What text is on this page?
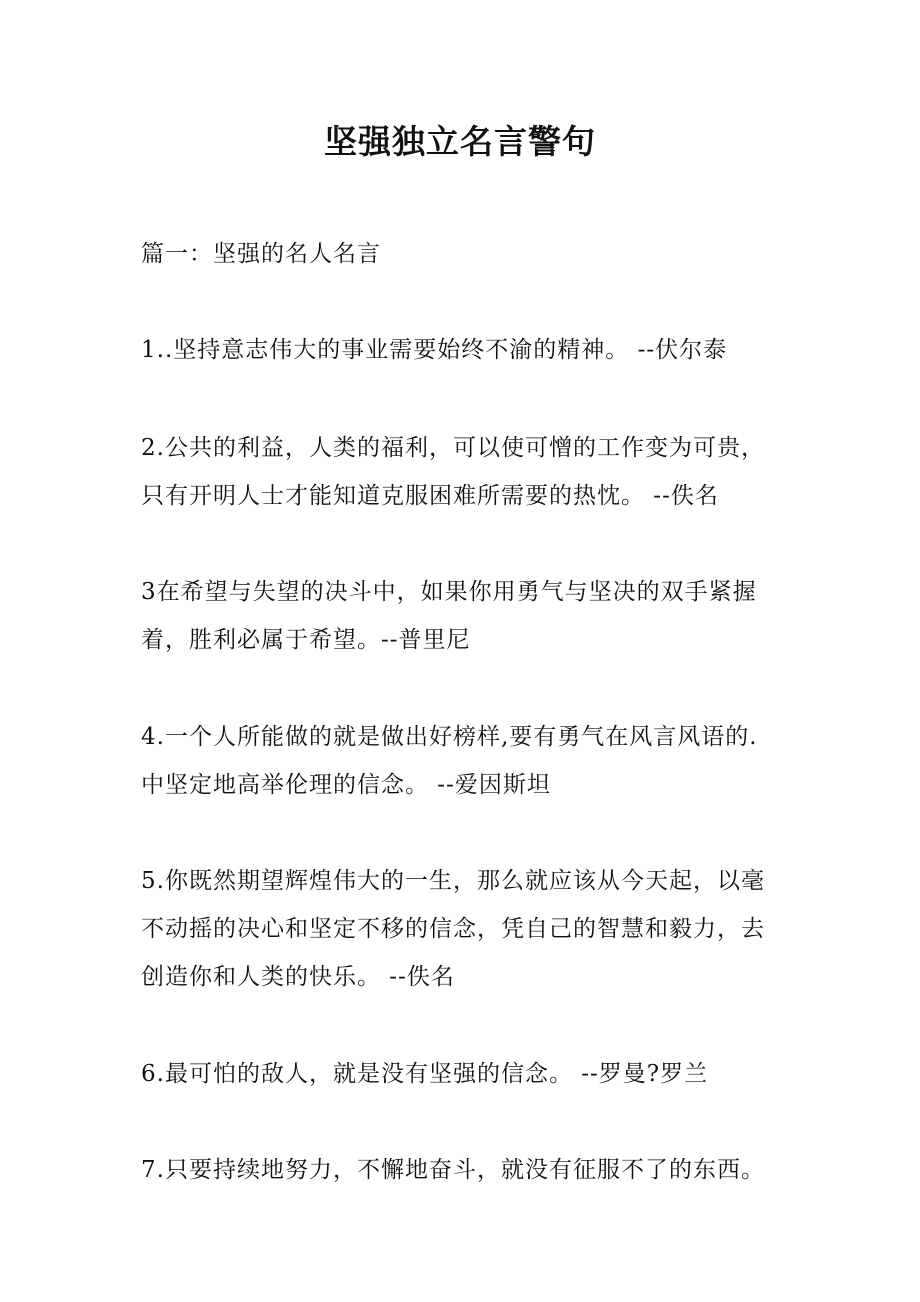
坚强独立名言警句

篇一：坚强的名人名言

1..坚持意志伟大的事业需要始终不渝的精神。 --伏尔泰

2.公共的利益，人类的福利，可以使可憎的工作变为可贵，
只有开明人士才能知道克服困难所需要的热忱。 --佚名

3在希望与失望的决斗中，如果你用勇气与坚决的双手紧握
着，胜利必属于希望。--普里尼

4.一个人所能做的就是做出好榜样,要有勇气在风言风语的.
中坚定地高举伦理的信念。 --爱因斯坦

5.你既然期望辉煌伟大的一生，那么就应该从今天起，以毫
不动摇的决心和坚定不移的信念，凭自己的智慧和毅力，去
创造你和人类的快乐。 --佚名

6.最可怕的敌人，就是没有坚强的信念。 --罗曼?罗兰

7.只要持续地努力，不懈地奋斗，就没有征服不了的东西。
